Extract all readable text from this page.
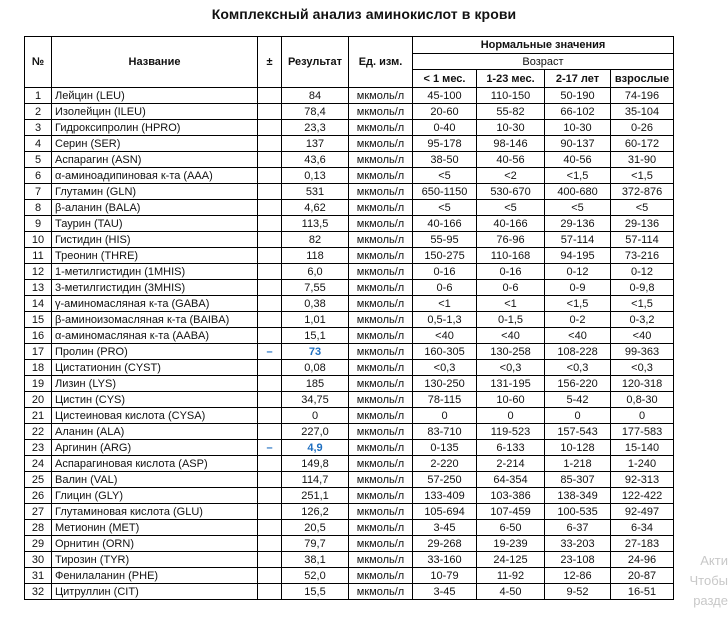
Комплексный анализ аминокислот в крови
№	Название	±	Результат	Ед. изм.	Нормальные значения			
					Возраст			
					< 1 мес.	1-23 мес.	2-17 лет	взрослые
1	Лейцин (LEU)		84	мкмоль/л	45-100	110-150	50-190	74-196
2	Изолейцин (ILEU)		78,4	мкмоль/л	20-60	55-82	66-102	35-104
3	Гидроксипролин (HPRO)		23,3	мкмоль/л	0-40	10-30	10-30	0-26
4	Серин (SER)		137	мкмоль/л	95-178	98-146	90-137	60-172
5	Аспарагин (ASN)		43,6	мкмоль/л	38-50	40-56	40-56	31-90
6	α-аминоадипиновая к-та (AAA)		0,13	мкмоль/л	<5	<2	<1,5	<1,5
7	Глутамин (GLN)		531	мкмоль/л	650-1150	530-670	400-680	372-876
8	β-аланин (BALA)		4,62	мкмоль/л	<5	<5	<5	<5
9	Таурин (TAU)		113,5	мкмоль/л	40-166	40-166	29-136	29-136
10	Гистидин (HIS)		82	мкмоль/л	55-95	76-96	57-114	57-114
11	Треонин (THRE)		118	мкмоль/л	150-275	110-168	94-195	73-216
12	1-метилгистидин (1MHIS)		6,0	мкмоль/л	0-16	0-16	0-12	0-12
13	3-метилгистидин (3MHIS)		7,55	мкмоль/л	0-6	0-6	0-9	0-9,8
14	γ-аминомасляная к-та (GABA)		0,38	мкмоль/л	<1	<1	<1,5	<1,5
15	β-аминоизомасляная к-та (BAIBA)		1,01	мкмоль/л	0,5-1,3	0-1,5	0-2	0-3,2
16	α-аминомасляная к-та (AABA)		15,1	мкмоль/л	<40	<40	<40	<40
17	Пролин (PRO)	–	73	мкмоль/л	160-305	130-258	108-228	99-363
18	Цистатионин (CYST)		0,08	мкмоль/л	<0,3	<0,3	<0,3	<0,3
19	Лизин (LYS)		185	мкмоль/л	130-250	131-195	156-220	120-318
20	Цистин (CYS)		34,75	мкмоль/л	78-115	10-60	5-42	0,8-30
21	Цистеиновая кислота (CYSA)		0	мкмоль/л	0	0	0	0
22	Аланин (ALA)		227,0	мкмоль/л	83-710	119-523	157-543	177-583
23	Аргинин (ARG)	–	4,9	мкмоль/л	0-135	6-133	10-128	15-140
24	Аспарагиновая кислота (ASP)		149,8	мкмоль/л	2-220	2-214	1-218	1-240
25	Валин (VAL)		114,7	мкмоль/л	57-250	64-354	85-307	92-313
26	Глицин (GLY)		251,1	мкмоль/л	133-409	103-386	138-349	122-422
27	Глутаминовая кислота (GLU)		126,2	мкмоль/л	105-694	107-459	100-535	92-497
28	Метионин (MET)		20,5	мкмоль/л	3-45	6-50	6-37	6-34
29	Орнитин (ORN)		79,7	мкмоль/л	29-268	19-239	33-203	27-183
30	Тирозин (TYR)		38,1	мкмоль/л	33-160	24-125	23-108	24-96
31	Фенилаланин (PHE)		52,0	мкмоль/л	10-79	11-92	12-86	20-87
32	Цитруллин (CIT)		15,5	мкмоль/л	3-45	4-50	9-52	16-51
Акти
Чтобы
разде
